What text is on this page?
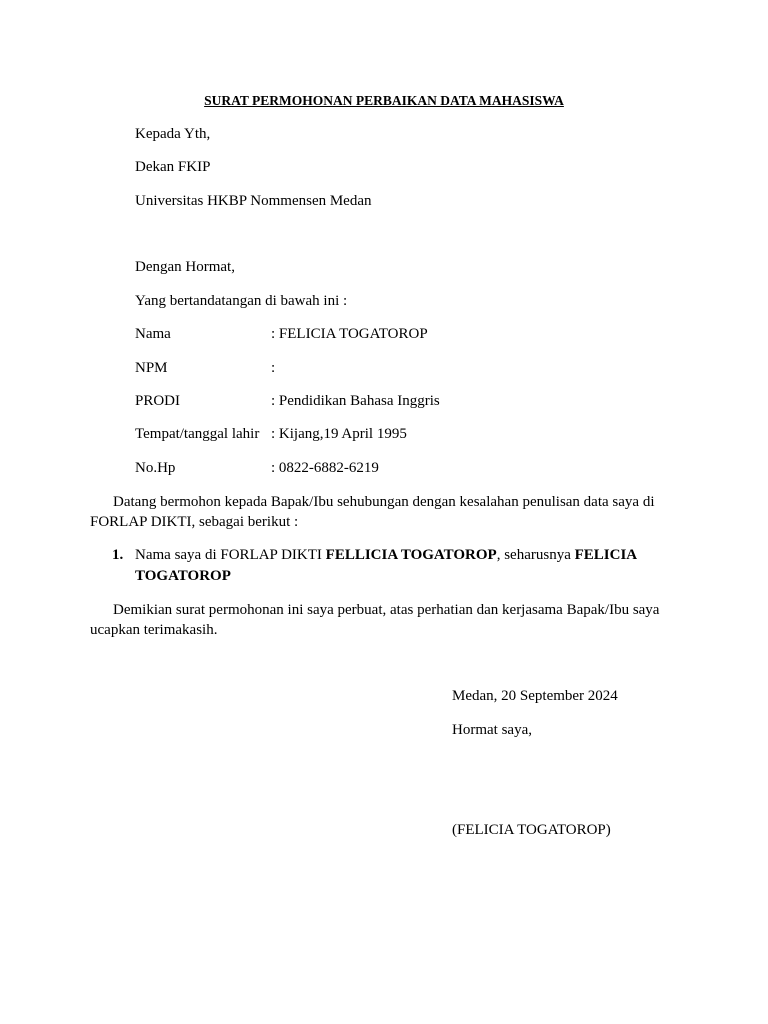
SURAT PERMOHONAN PERBAIKAN DATA MAHASISWA
Kepada Yth,
Dekan FKIP
Universitas HKBP Nommensen Medan
Dengan Hormat,
Yang bertandatangan di bawah ini :
Nama	: FELICIA TOGATOROP
NPM	:
PRODI	: Pendidikan Bahasa Inggris
Tempat/tanggal lahir : Kijang,19 April 1995
No.Hp	: 0822-6882-6219
Datang bermohon kepada Bapak/Ibu sehubungan dengan kesalahan penulisan data saya di FORLAP DIKTI, sebagai berikut :
1. Nama saya di FORLAP DIKTI FELLICIA TOGATOROP, seharusnya FELICIA TOGATOROP
Demikian surat permohonan ini saya perbuat, atas perhatian dan kerjasama Bapak/Ibu saya ucapkan terimakasih.
Medan, 20 September 2024
Hormat saya,
(FELICIA TOGATOROP)
